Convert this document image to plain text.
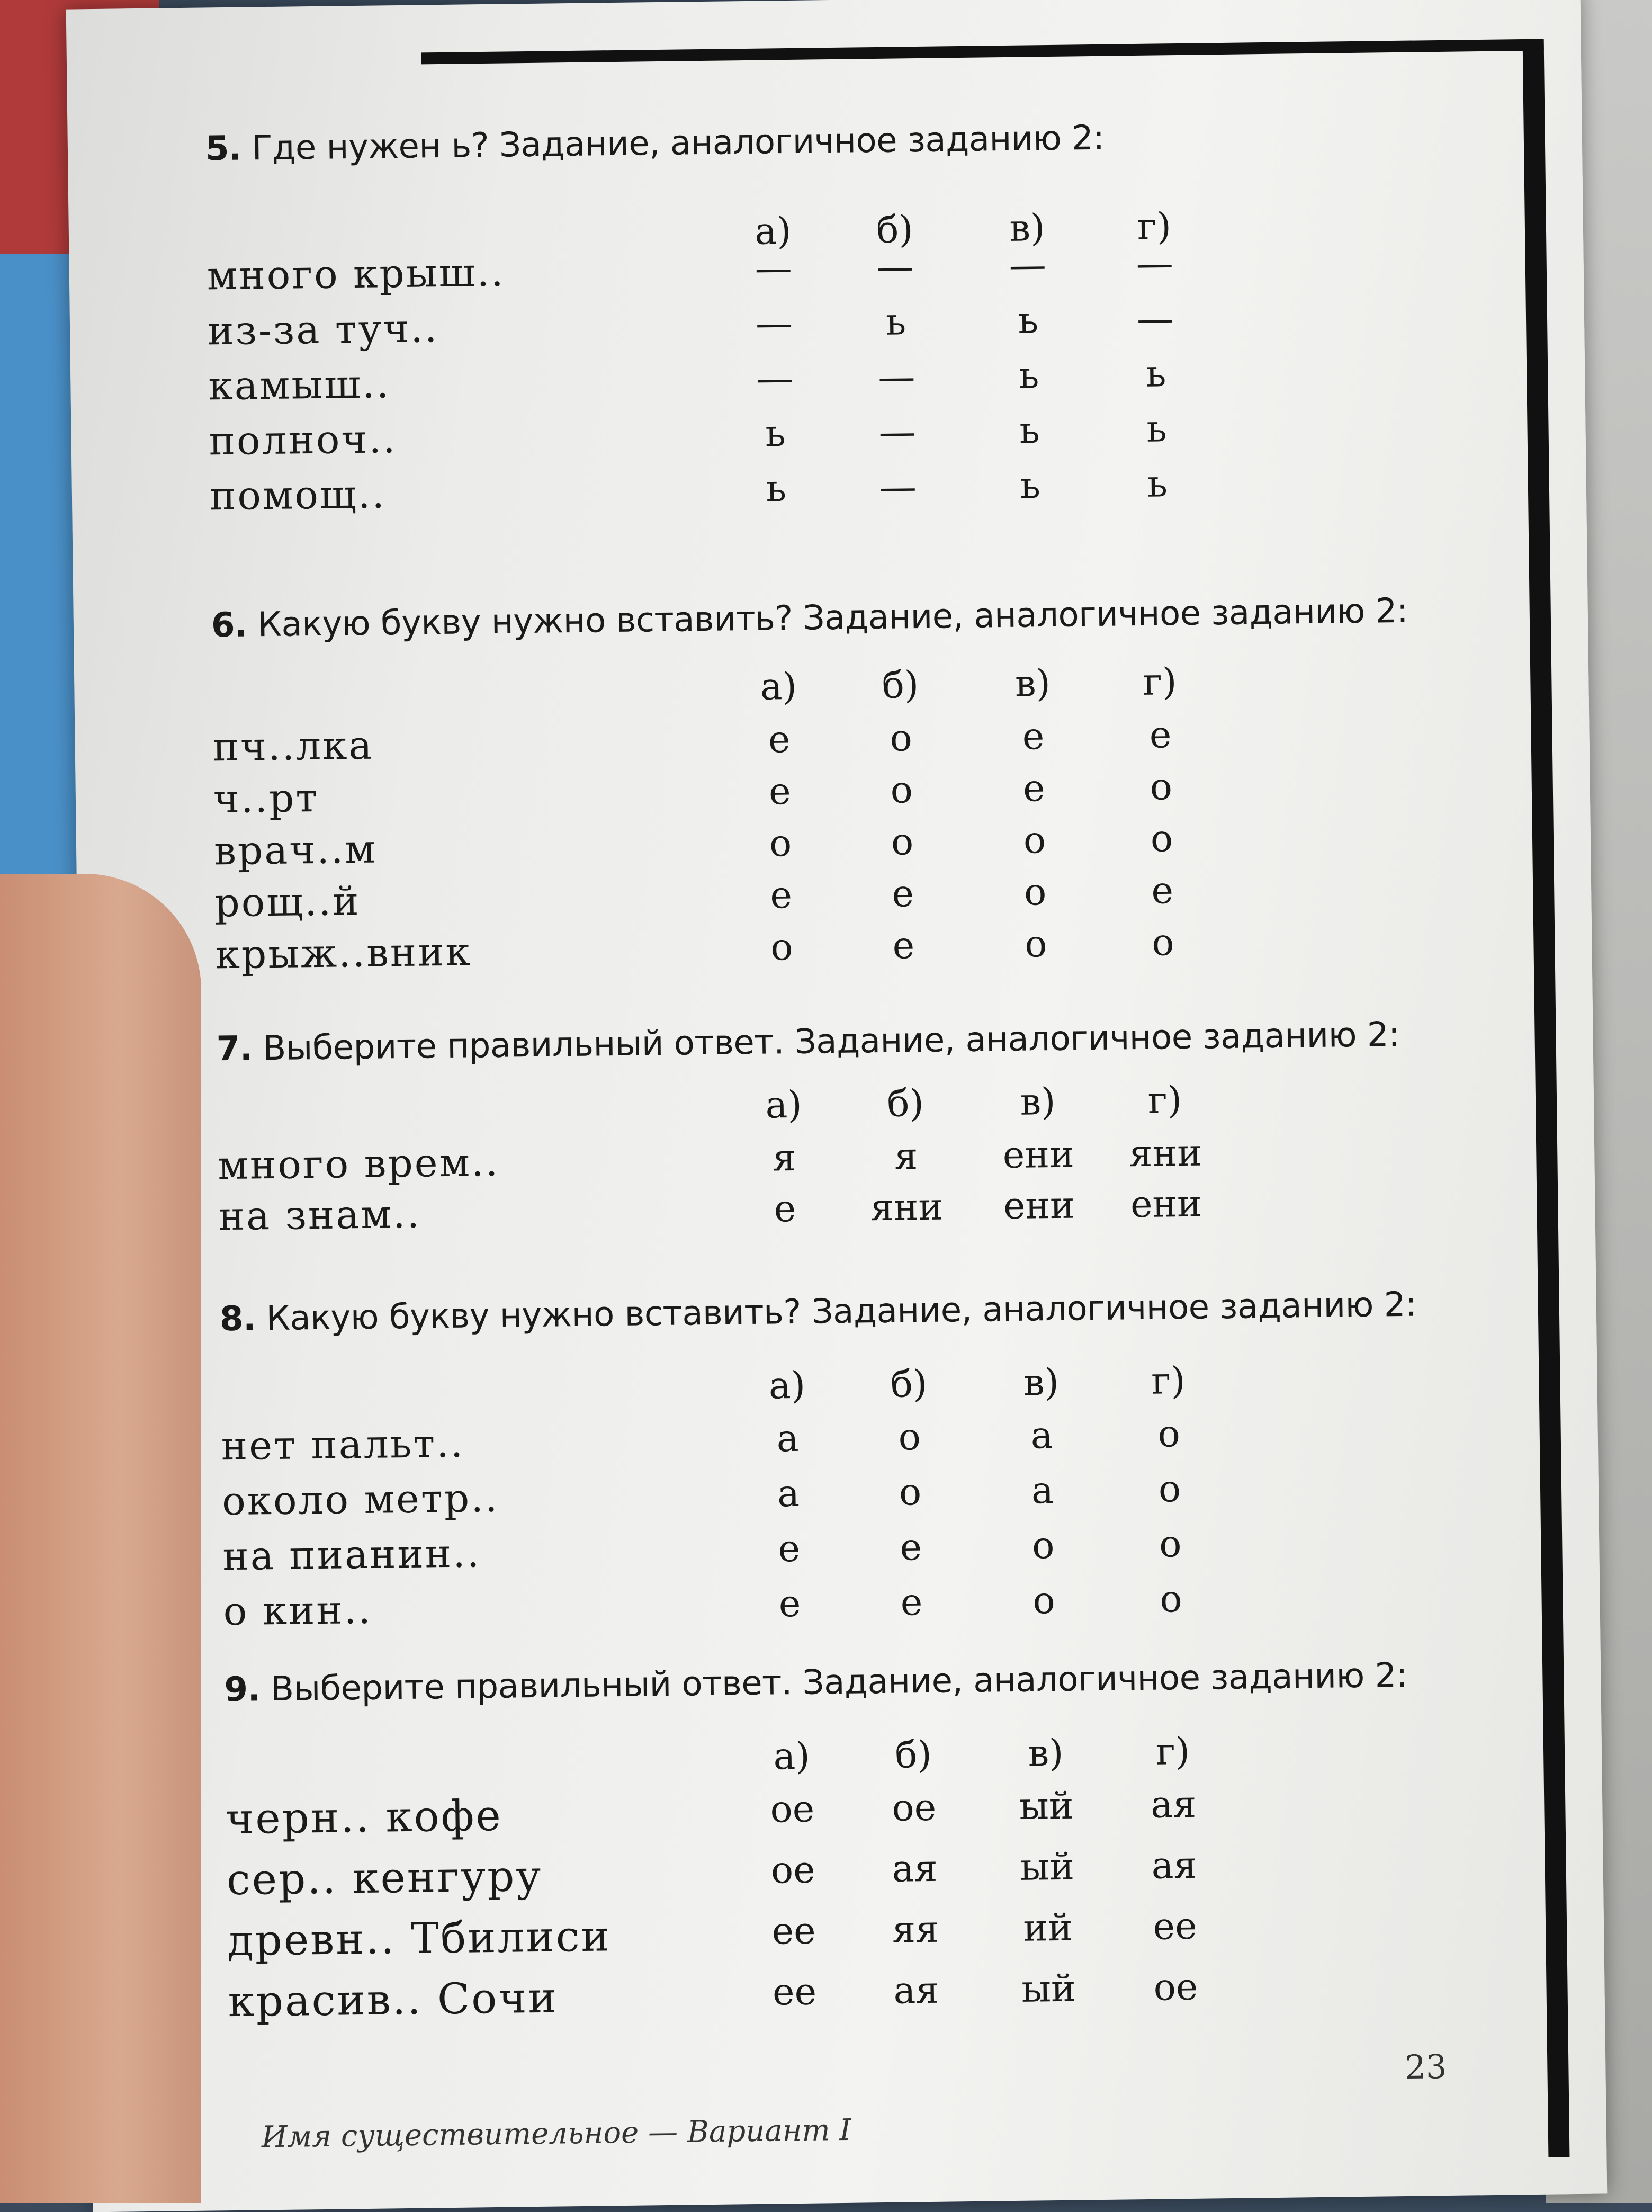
5. Где нужен ь? Задание, аналогичное заданию 2:
а)	б)	в)	г)
много крыш..	—	—	—	—
из-за туч..	—	ь	ь	—
камыш..	—	—	ь	ь
полноч..	ь	—	ь	ь
помощ..	ь	—	ь	ь
6. Какую букву нужно вставить? Задание, аналогичное заданию 2:
а)	б)	в)	г)
пч..лка	е	о	е	е
ч..рт	е	о	е	о
врач..м	о	о	о	о
рощ..й	е	е	о	е
крыж..вник	о	е	о	о
7. Выберите правильный ответ. Задание, аналогичное заданию 2:
а)	б)	в)	г)
много врем..	я	я	ени	яни
на знам..	е	яни	ени	ени
8. Какую букву нужно вставить? Задание, аналогичное заданию 2:
а)	б)	в)	г)
нет пальт..	а	о	а	о
около метр..	а	о	а	о
на пианин..	е	е	о	о
о кин..	е	е	о	о
9. Выберите правильный ответ. Задание, аналогичное заданию 2:
а)	б)	в)	г)
черн.. кофе	ое	ое	ый	ая
сер.. кенгуру	ое	ая	ый	ая
древн.. Тбилиси	ее	яя	ий	ее
красив.. Сочи	ее	ая	ый	ое
23
Имя существительное — Вариант I
